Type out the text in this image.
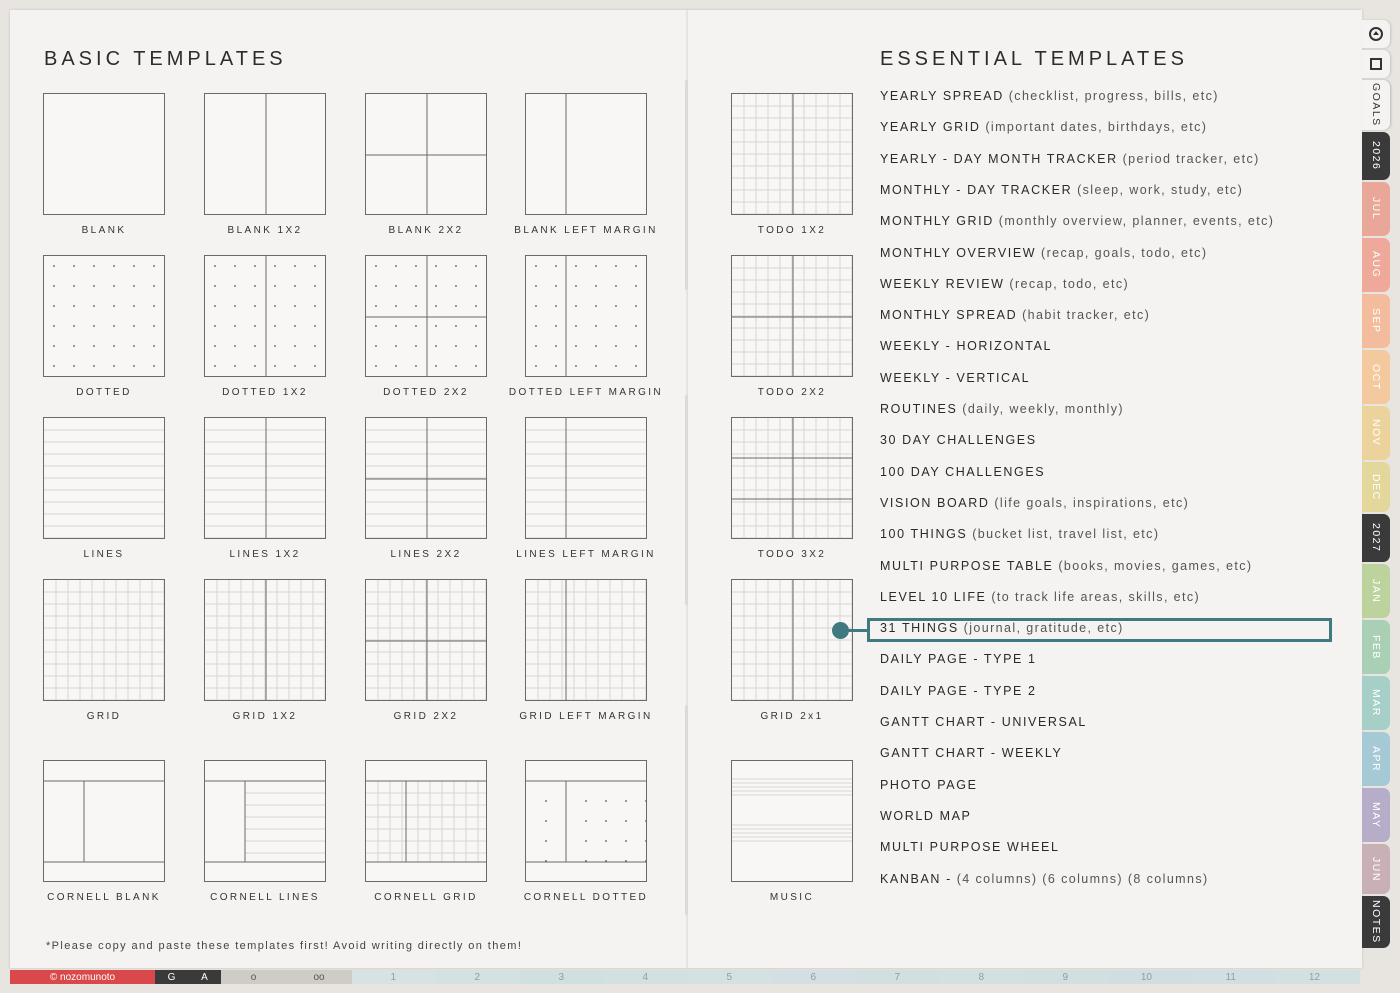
BASIC TEMPLATES
BLANK	BLANK 1X2	BLANK 2X2	BLANK LEFT MARGIN
DOTTED	DOTTED 1X2	DOTTED 2X2	DOTTED LEFT MARGIN
LINES	LINES 1X2	LINES 2X2	LINES LEFT MARGIN
GRID	GRID 1X2	GRID 2X2	GRID LEFT MARGIN
CORNELL BLANK	CORNELL LINES	CORNELL GRID	CORNELL DOTTED
TODO 1X2
TODO 2X2
TODO 3X2
GRID 2x1
MUSIC
ESSENTIAL TEMPLATES
YEARLY SPREAD (checklist, progress, bills, etc)
YEARLY GRID (important dates, birthdays, etc)
YEARLY - DAY MONTH TRACKER (period tracker, etc)
MONTHLY - DAY TRACKER (sleep, work, study, etc)
MONTHLY GRID (monthly overview, planner, events, etc)
MONTHLY OVERVIEW (recap, goals, todo, etc)
WEEKLY REVIEW (recap, todo, etc)
MONTHLY SPREAD (habit tracker, etc)
WEEKLY - HORIZONTAL
WEEKLY - VERTICAL
ROUTINES (daily, weekly, monthly)
30 DAY CHALLENGES
100 DAY CHALLENGES
VISION BOARD (life goals, inspirations, etc)
100 THINGS (bucket list, travel list, etc)
MULTI PURPOSE TABLE (books, movies, games, etc)
LEVEL 10 LIFE (to track life areas, skills, etc)
31 THINGS (journal, gratitude, etc)
DAILY PAGE - TYPE 1
DAILY PAGE - TYPE 2
GANTT CHART - UNIVERSAL
GANTT CHART - WEEKLY
PHOTO PAGE
WORLD MAP
MULTI PURPOSE WHEEL
KANBAN - (4 columns) (6 columns) (8 columns)
*Please copy and paste these templates first! Avoid writing directly on them!
© nozomunoto	G	A	o	oo	1	2	3	4	5	6	7	8	9	10	11	12
GOALS
2026
JUL
AUG
SEP
OCT
NOV
DEC
2027
JAN
FEB
MAR
APR
MAY
JUN
NOTES
